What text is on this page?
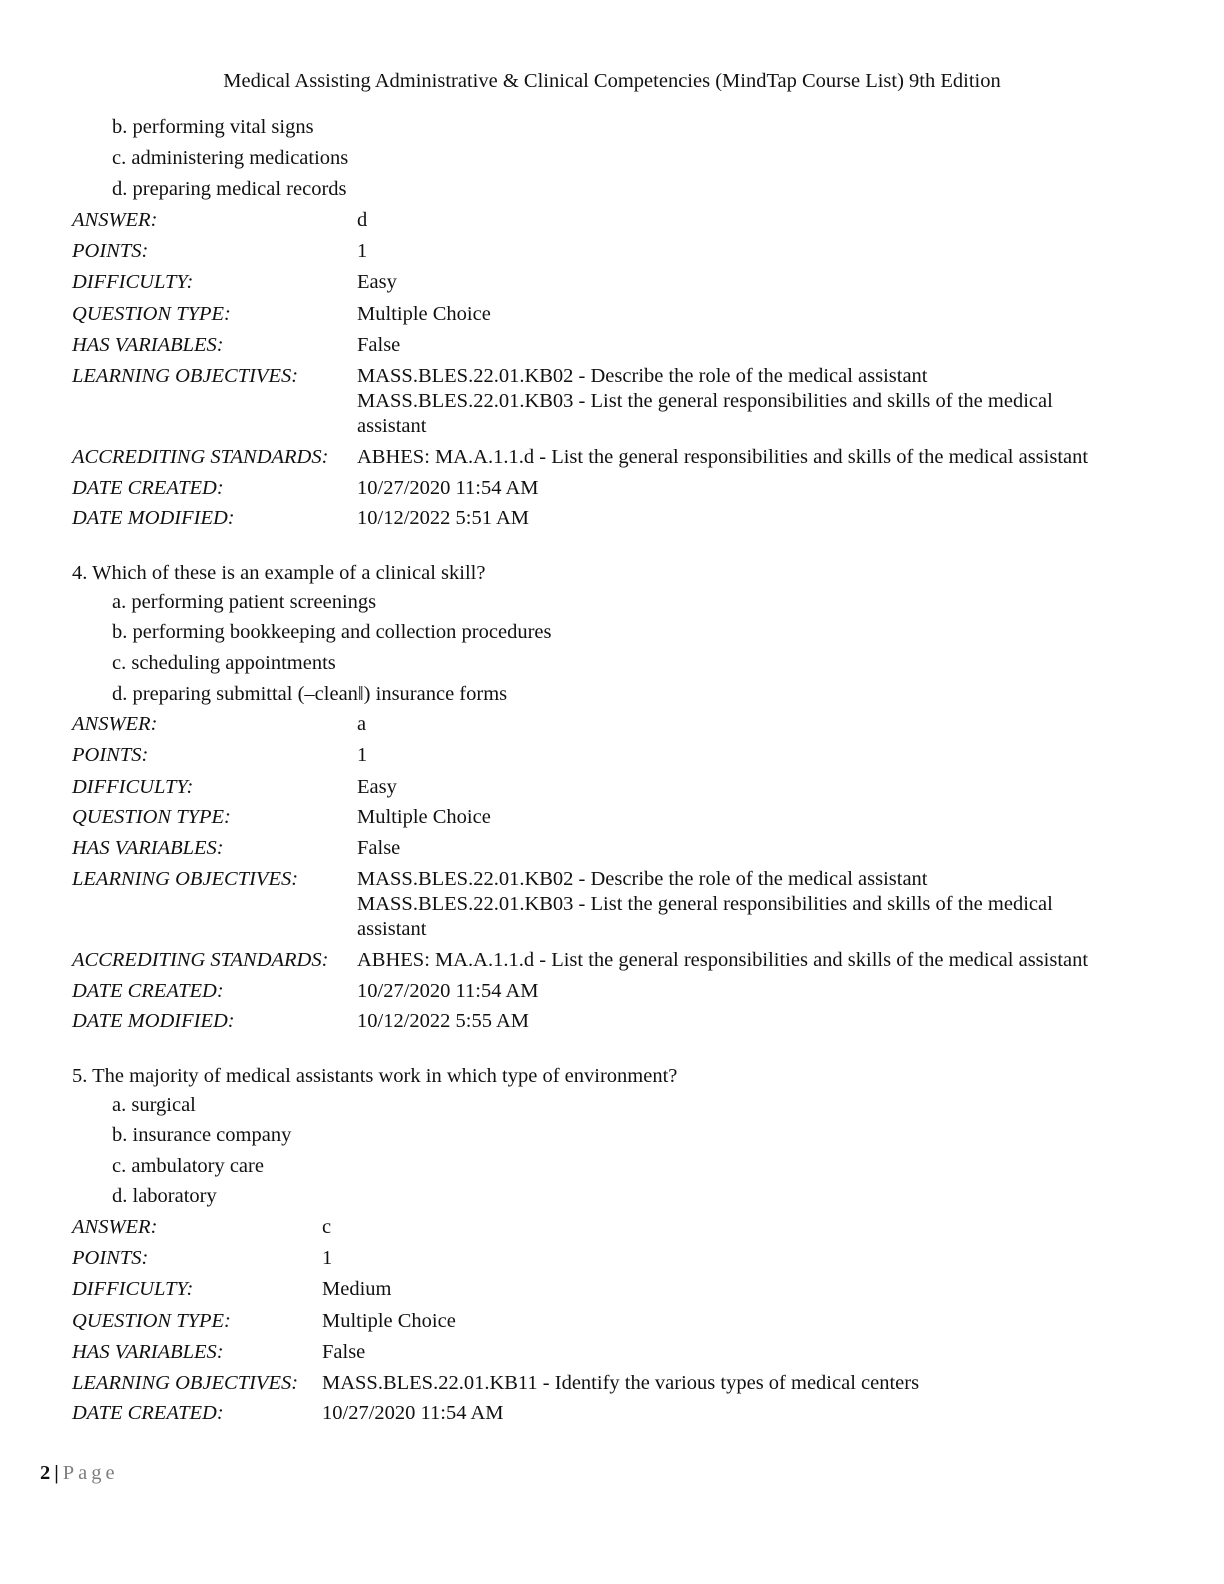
Medical Assisting Administrative & Clinical Competencies (MindTap Course List) 9th Edition
b. performing vital signs
c. administering medications
d. preparing medical records
ANSWER:	d
POINTS:	1
DIFFICULTY:	Easy
QUESTION TYPE:	Multiple Choice
HAS VARIABLES:	False
LEARNING OBJECTIVES:	MASS.BLES.22.01.KB02 - Describe the role of the medical assistant
MASS.BLES.22.01.KB03 - List the general responsibilities and skills of the medical
assistant
ACCREDITING STANDARDS: ABHES: MA.A.1.1.d - List the general responsibilities and skills of the medical assistant
DATE CREATED:	10/27/2020 11:54 AM
DATE MODIFIED:	10/12/2022 5:51 AM
4. Which of these is an example of a clinical skill?
a. performing patient screenings
b. performing bookkeeping and collection procedures
c. scheduling appointments
d. preparing submittal (–clean‖) insurance forms
ANSWER:	a
POINTS:	1
DIFFICULTY:	Easy
QUESTION TYPE:	Multiple Choice
HAS VARIABLES:	False
LEARNING OBJECTIVES:	MASS.BLES.22.01.KB02 - Describe the role of the medical assistant
MASS.BLES.22.01.KB03 - List the general responsibilities and skills of the medical
assistant
ACCREDITING STANDARDS: ABHES: MA.A.1.1.d - List the general responsibilities and skills of the medical assistant
DATE CREATED:	10/27/2020 11:54 AM
DATE MODIFIED:	10/12/2022 5:55 AM
5. The majority of medical assistants work in which type of environment?
a. surgical
b. insurance company
c. ambulatory care
d. laboratory
ANSWER:	c
POINTS:	1
DIFFICULTY:	Medium
QUESTION TYPE:	Multiple Choice
HAS VARIABLES:	False
LEARNING OBJECTIVES: MASS.BLES.22.01.KB11 - Identify the various types of medical centers
DATE CREATED:	10/27/2020 11:54 AM
2 | Page
